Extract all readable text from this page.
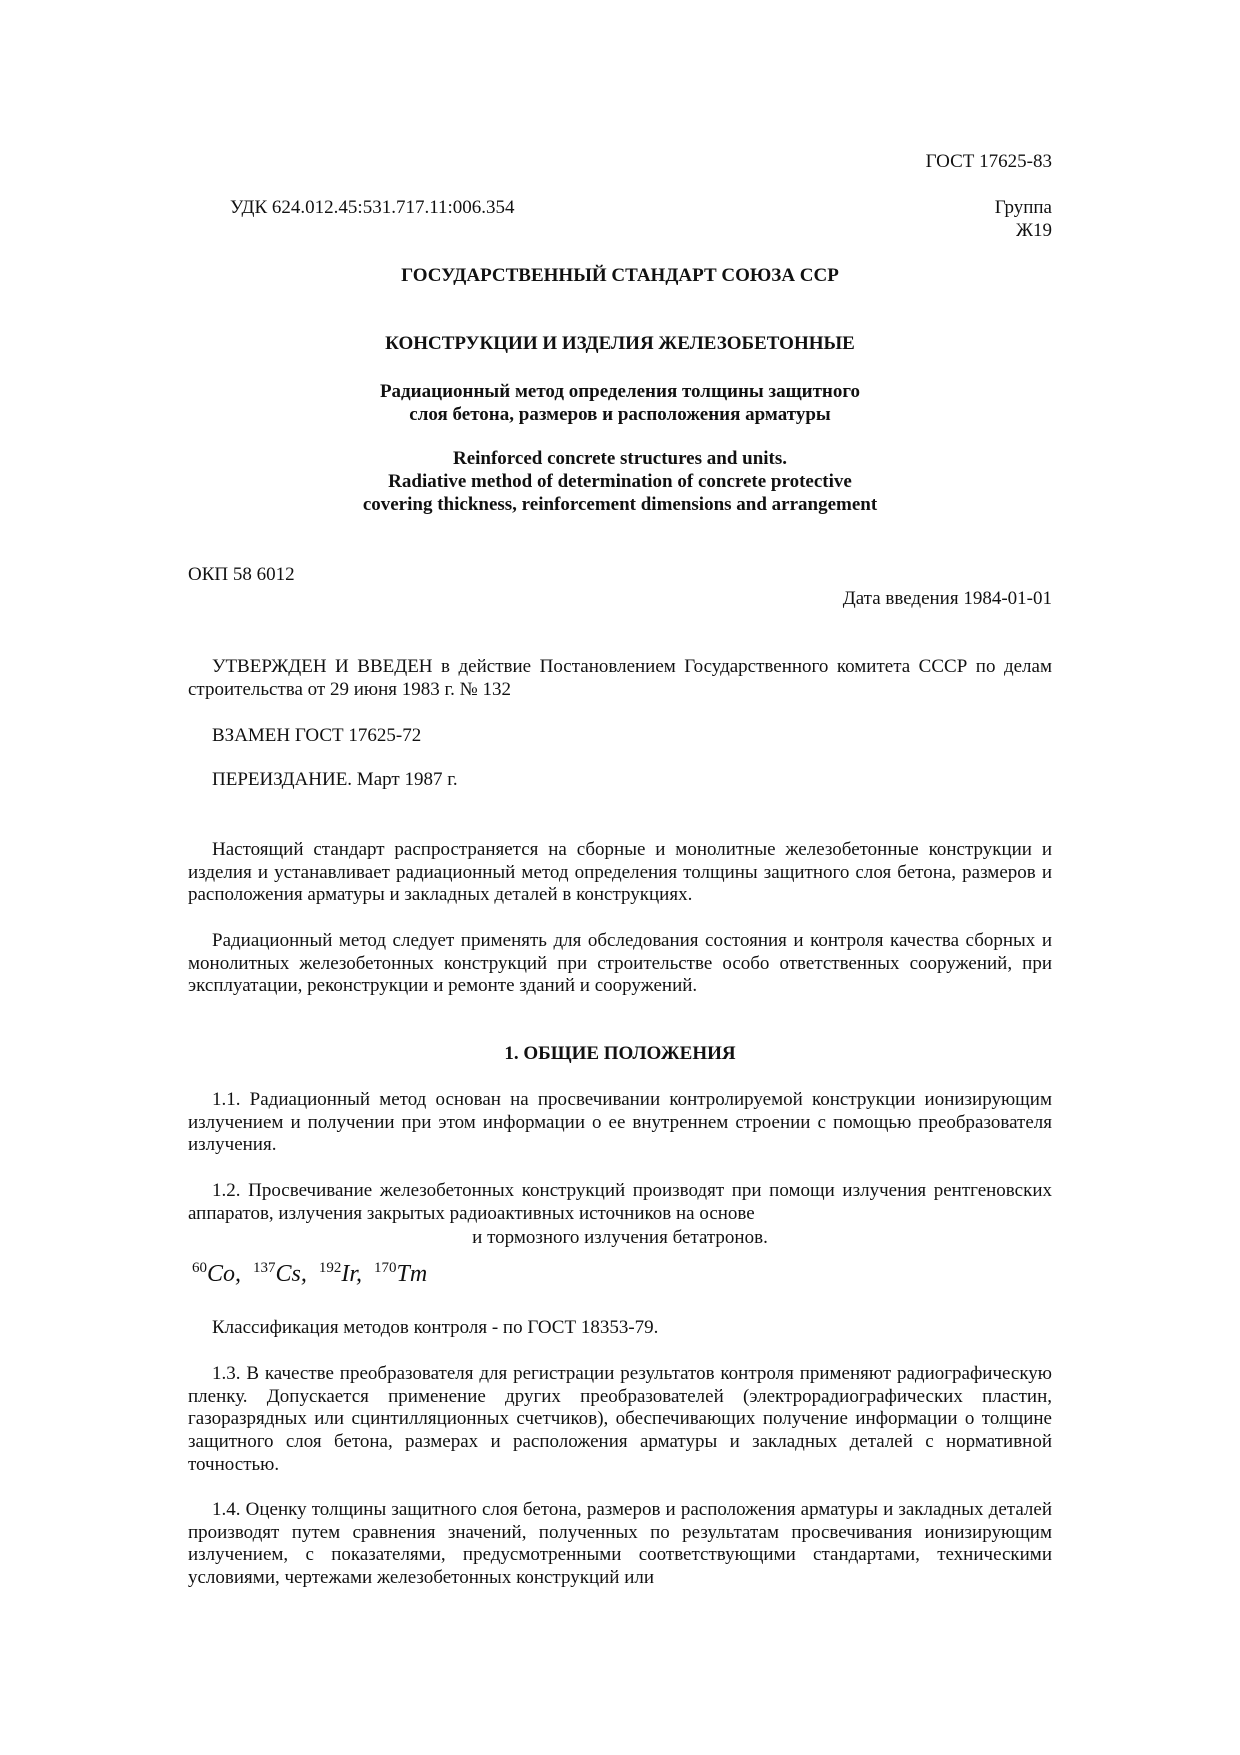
ГОСТ 17625-83
УДК 624.012.45:531.717.11:006.354	Группа
Ж19
ГОСУДАРСТВЕННЫЙ СТАНДАРТ СОЮЗА ССР
КОНСТРУКЦИИ И ИЗДЕЛИЯ ЖЕЛЕЗОБЕТОННЫЕ
Радиационный метод определения толщины защитного
слоя бетона, размеров и расположения арматуры
Reinforced concrete structures and units.
Radiative method of determination of concrete protective
covering thickness, reinforcement dimensions and arrangement
ОКП 58 6012
Дата введения 1984-01-01
УТВЕРЖДЕН И ВВЕДЕН в действие Постановлением Государственного комитета СССР по делам строительства от 29 июня 1983 г. № 132
ВЗАМЕН ГОСТ 17625-72
ПЕРЕИЗДАНИЕ. Март 1987 г.
Настоящий стандарт распространяется на сборные и монолитные железобетонные конструкции и изделия и устанавливает радиационный метод определения толщины защитного слоя бетона, размеров и расположения арматуры и закладных деталей в конструкциях.
Радиационный метод следует применять для обследования состояния и контроля качества сборных и монолитных железобетонных конструкций при строительстве особо ответственных сооружений, при эксплуатации, реконструкции и ремонте зданий и сооружений.
1. ОБЩИЕ ПОЛОЖЕНИЯ
1.1. Радиационный метод основан на просвечивании контролируемой конструкции ионизирующим излучением и получении при этом информации о ее внутреннем строении с помощью преобразователя излучения.
1.2. Просвечивание железобетонных конструкций производят при помощи излучения рентгеновских аппаратов, излучения закрытых радиоактивных источников на основе
и тормозного излучения бетатронов.
$^{60}$Co, $^{137}$Cs, $^{192}$Ir, $^{170}$Tm
Классификация методов контроля - по ГОСТ 18353-79.
1.3. В качестве преобразователя для регистрации результатов контроля применяют радиографическую пленку. Допускается применение других преобразователей (электрорадиографических пластин, газоразрядных или сцинтилляционных счетчиков), обеспечивающих получение информации о толщине защитного слоя бетона, размерах и расположения арматуры и закладных деталей с нормативной точностью.
1.4. Оценку толщины защитного слоя бетона, размеров и расположения арматуры и закладных деталей производят путем сравнения значений, полученных по результатам просвечивания ионизирующим излучением, с показателями, предусмотренными соответствующими стандартами, техническими условиями, чертежами железобетонных конструкций или
